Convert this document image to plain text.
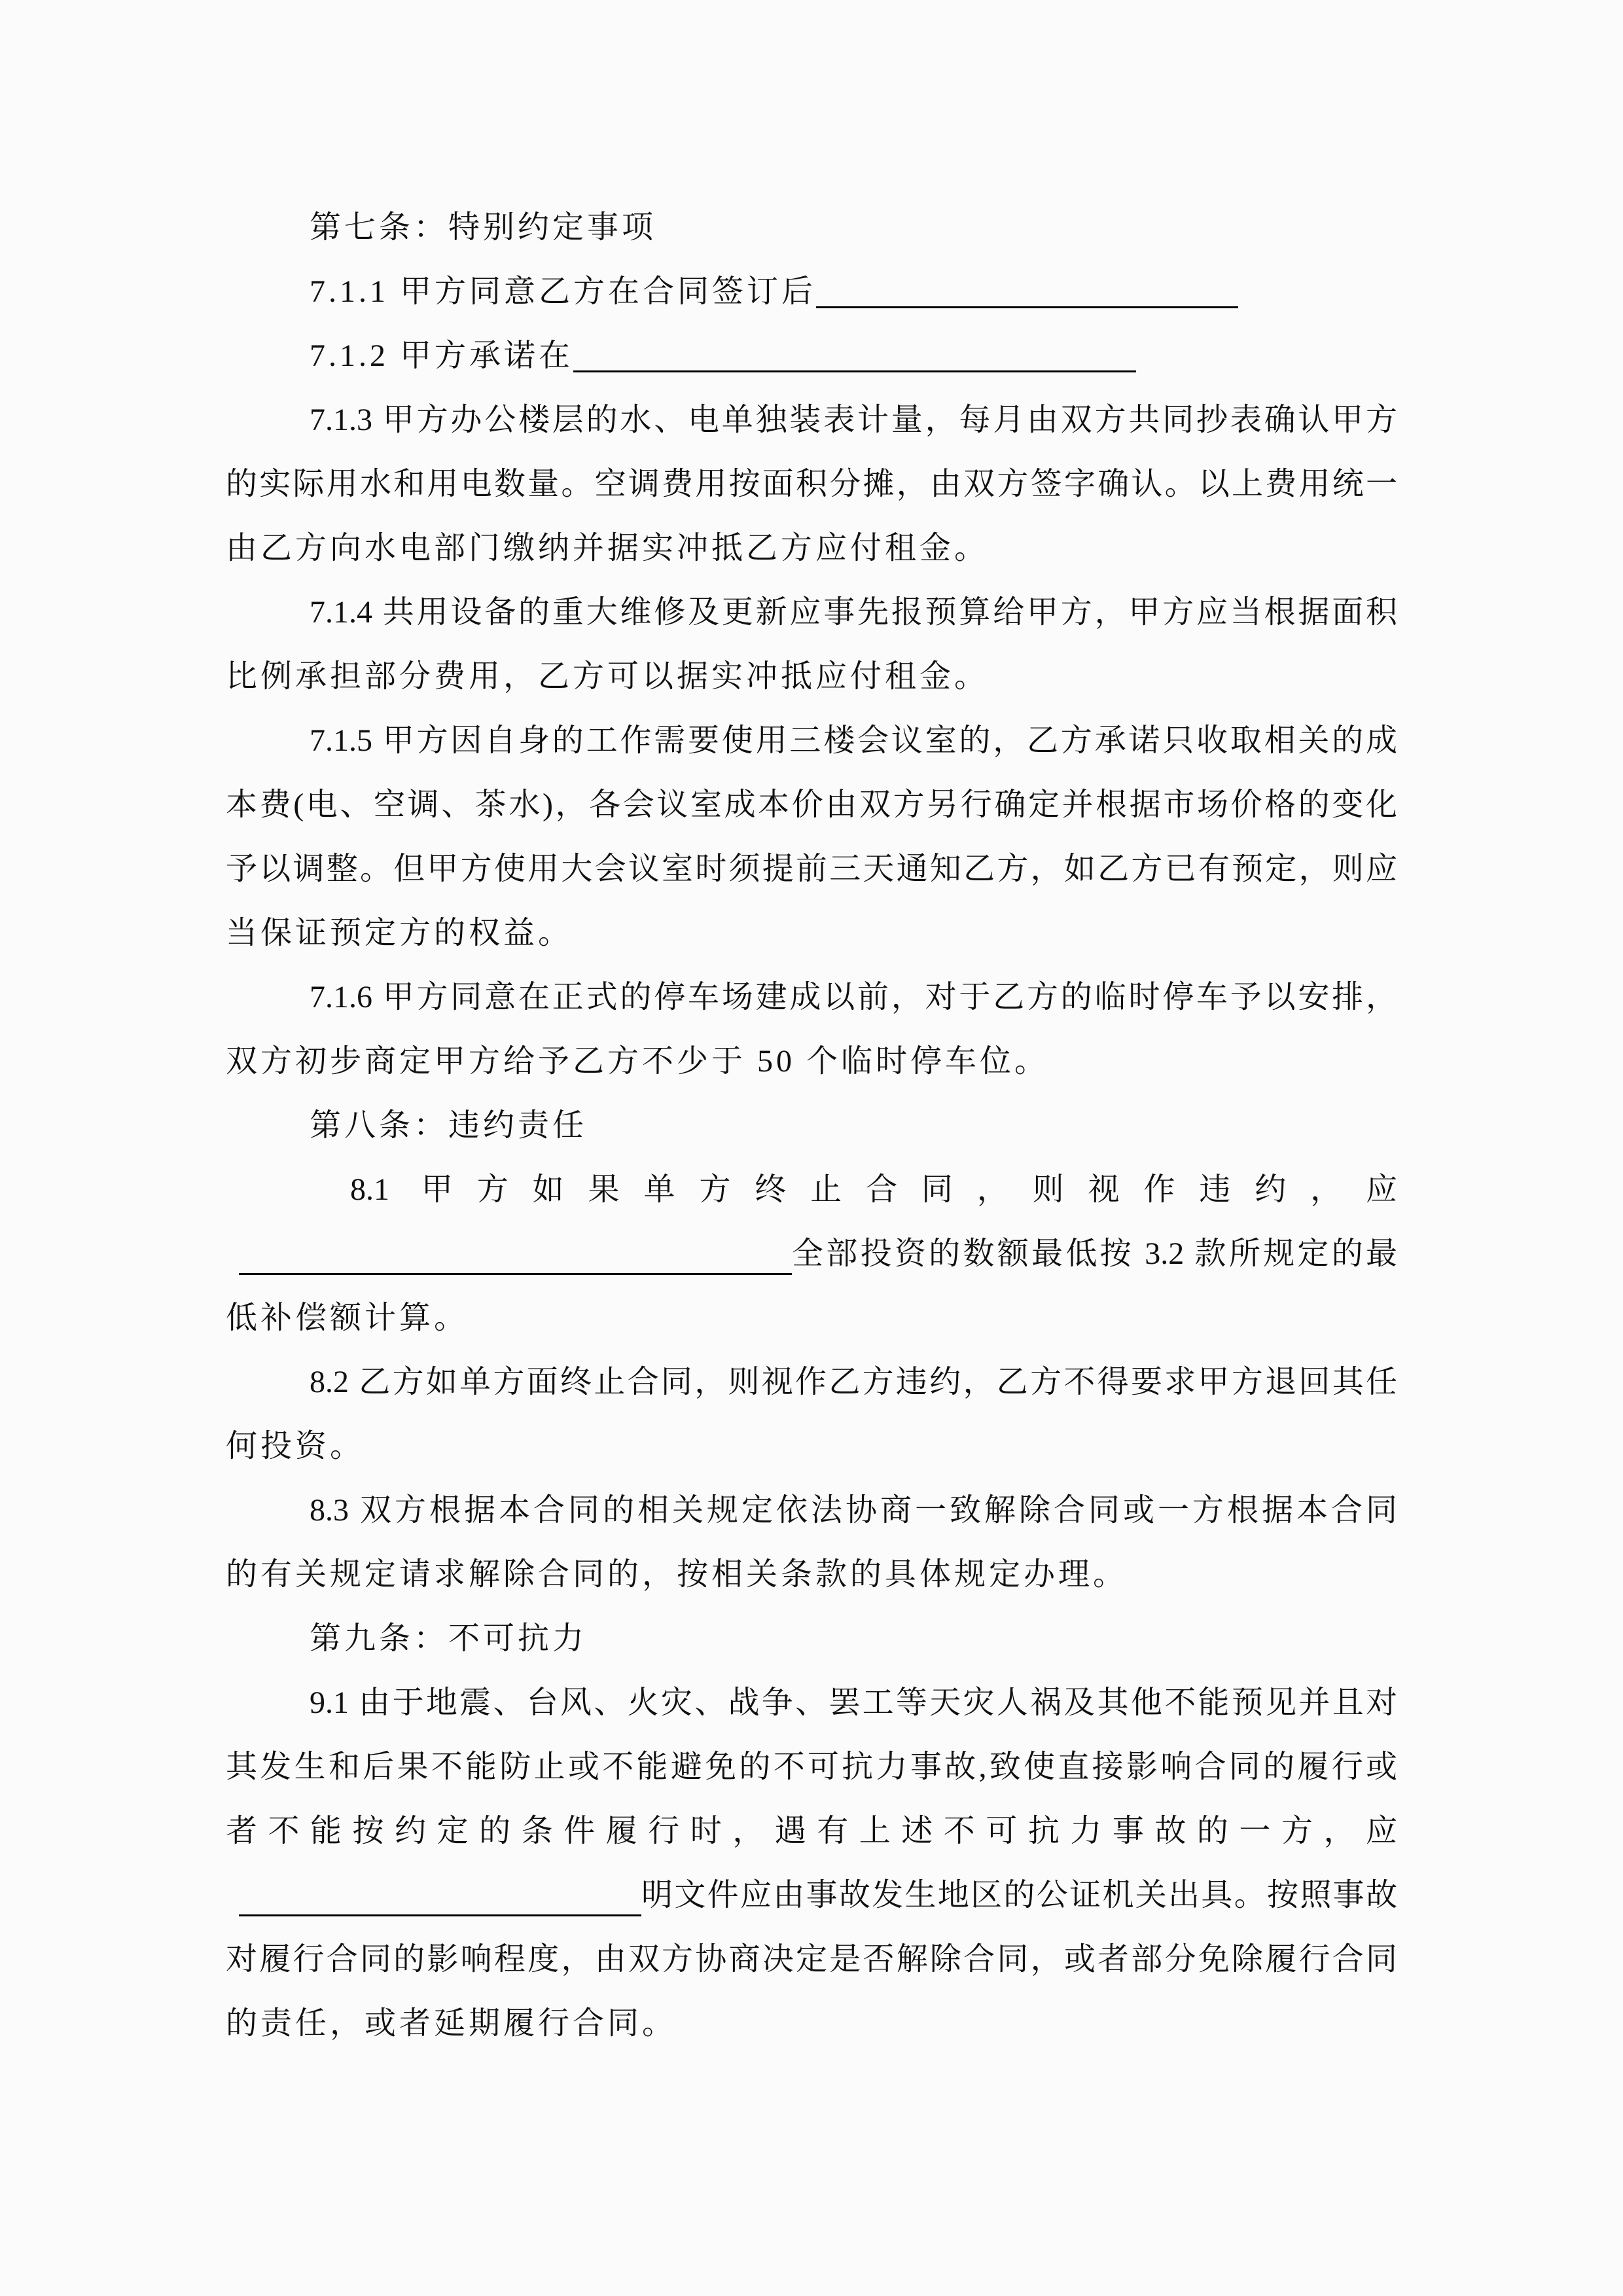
第七条：特别约定事项
7.1.1 甲方同意乙方在合同签订后
7.1.2 甲方承诺在
7.1.3 甲方办公楼层的水、电单独装表计量，每月由双方共同抄表确认甲方
的实际用水和用电数量。空调费用按面积分摊，由双方签字确认。以上费用统一
由乙方向水电部门缴纳并据实冲抵乙方应付租金。
7.1.4 共用设备的重大维修及更新应事先报预算给甲方，甲方应当根据面积
比例承担部分费用，乙方可以据实冲抵应付租金。
7.1.5 甲方因自身的工作需要使用三楼会议室的，乙方承诺只收取相关的成
本费(电、空调、茶水)，各会议室成本价由双方另行确定并根据市场价格的变化
予以调整。但甲方使用大会议室时须提前三天通知乙方，如乙方已有预定，则应
当保证预定方的权益。
7.1.6 甲方同意在正式的停车场建成以前，对于乙方的临时停车予以安排，
双方初步商定甲方给予乙方不少于 50 个临时停车位。
第八条：违约责任
8.1 甲方如果单方终止合同，则视作违约，应
全部投资的数额最低按 3.2 款所规定的最
低补偿额计算。
8.2 乙方如单方面终止合同，则视作乙方违约，乙方不得要求甲方退回其任
何投资。
8.3 双方根据本合同的相关规定依法协商一致解除合同或一方根据本合同
的有关规定请求解除合同的，按相关条款的具体规定办理。
第九条：不可抗力
9.1 由于地震、台风、火灾、战争、罢工等天灾人祸及其他不能预见并且对
其发生和后果不能防止或不能避免的不可抗力事故,致使直接影响合同的履行或
者不能按约定的条件履行时，遇有上述不可抗力事故的一方，应
明文件应由事故发生地区的公证机关出具。按照事故
对履行合同的影响程度，由双方协商决定是否解除合同，或者部分免除履行合同
的责任，或者延期履行合同。
